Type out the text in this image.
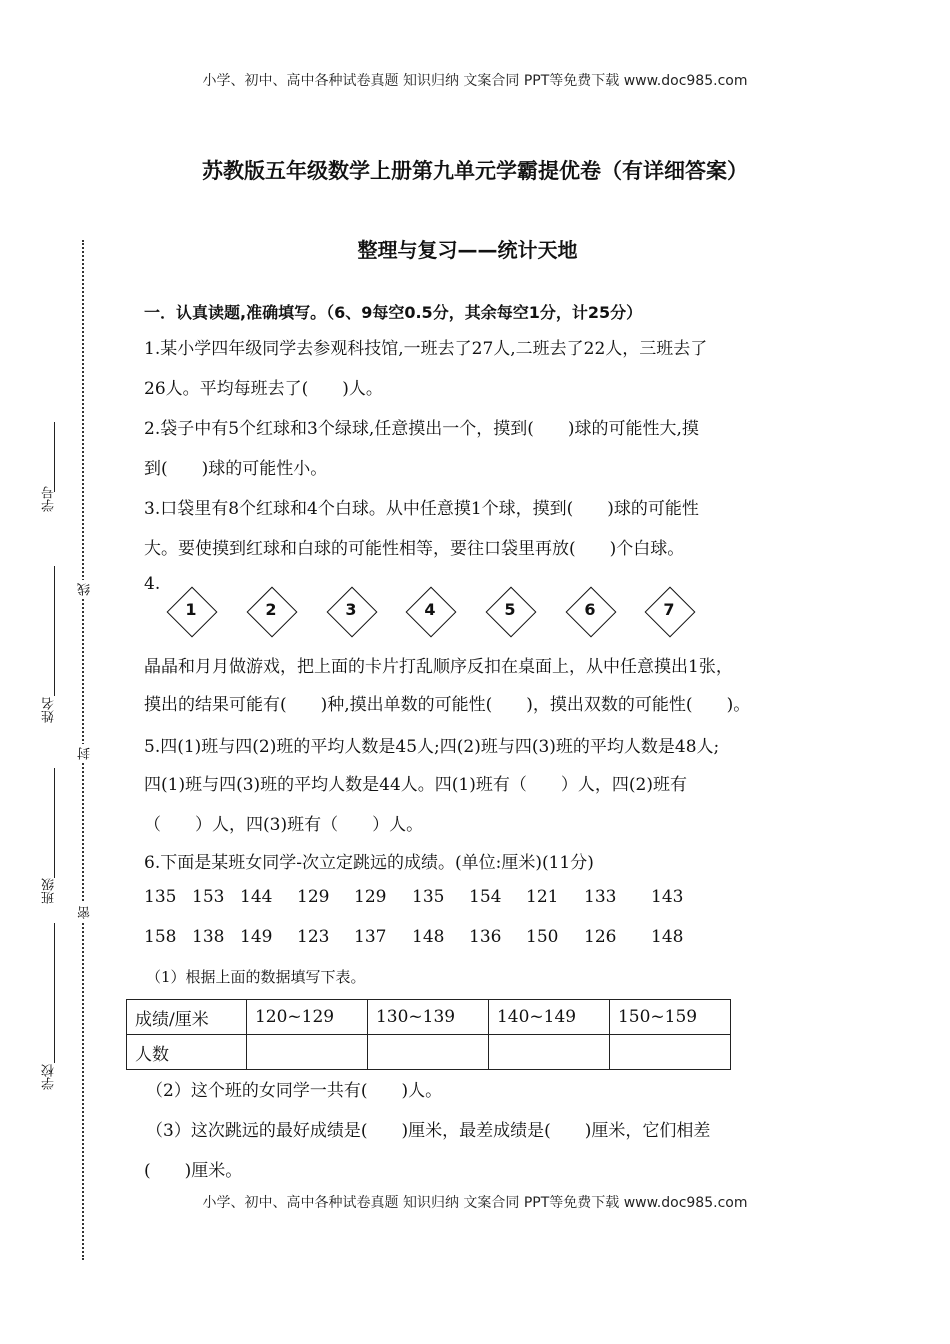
小学、初中、高中各种试卷真题 知识归纳 文案合同 PPT等免费下载 www.doc985.com
小学、初中、高中各种试卷真题 知识归纳 文案合同 PPT等免费下载 www.doc985.com
学号
姓名
班级
学校
线
封
密
苏教版五年级数学上册第九单元学霸提优卷（有详细答案）
整理与复习——统计天地
一．认真读题,准确填写。（6、9每空0.5分，其余每空1分，计25分）
1.某小学四年级同学去参观科技馆,一班去了27人,二班去了22人，三班去了
26人。平均每班去了(　　)人。
2.袋子中有5个红球和3个绿球,任意摸出一个，摸到(　　)球的可能性大,摸
到(　　)球的可能性小。
3.口袋里有8个红球和4个白球。从中任意摸1个球，摸到(　　)球的可能性
大。要使摸到红球和白球的可能性相等，要往口袋里再放(　　)个白球。
4.
1	2	3	4	5	6	7
晶晶和月月做游戏，把上面的卡片打乱顺序反扣在桌面上，从中任意摸出1张，
摸出的结果可能有(　　)种,摸出单数的可能性(　　)，摸出双数的可能性(　　)。
5.四(1)班与四(2)班的平均人数是45人;四(2)班与四(3)班的平均人数是48人;
四(1)班与四(3)班的平均人数是44人。四(1)班有（　　）人，四(2)班有
（　　）人，四(3)班有（　　）人。
6.下面是某班女同学-次立定跳远的成绩。(单位:厘米)(11分)
135 153 144 129 129 135 154 121 133 143
158 138 149 123 137 148 136 150 126 148
（1）根据上面的数据填写下表。
成绩/厘米	120~129	130~139	140~149	150~159
人数				
（2）这个班的女同学一共有(　　)人。
（3）这次跳远的最好成绩是(　　)厘米，最差成绩是(　　)厘米，它们相差
(　　)厘米。
